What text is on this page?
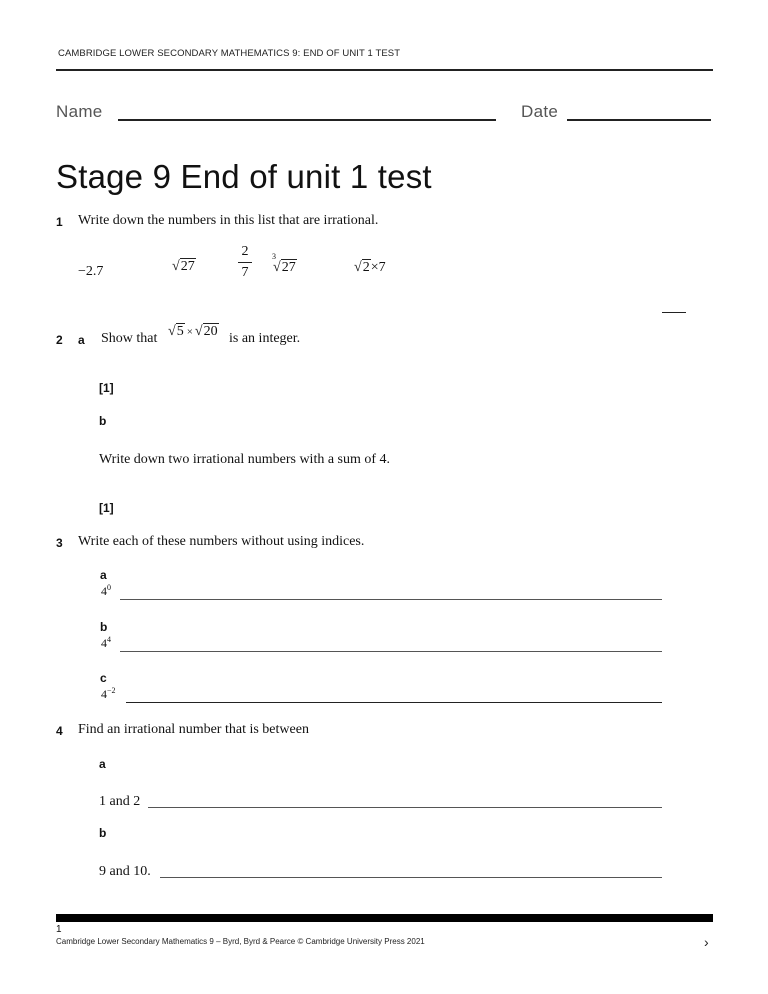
CAMBRIDGE LOWER SECONDARY MATHEMATICS 9: END OF UNIT 1 TEST
Name	Date
Stage 9 End of unit 1 test
1 Write down the numbers in this list that are irrational.
−2.7	√27
2
7
$^3$√27	√2×7
2 a Show that √5 × √20 is an integer.
[1]
b
Write down two irrational numbers with a sum of 4.
[1]
3 Write each of these numbers without using indices.
a
$4^0$
b
$4^4$
c
$4^{-2}$
4 Find an irrational number that is between
a
1 and 2
b
9 and 10.
1
Cambridge Lower Secondary Mathematics 9 – Byrd, Byrd & Pearce © Cambridge University Press 2021	›
